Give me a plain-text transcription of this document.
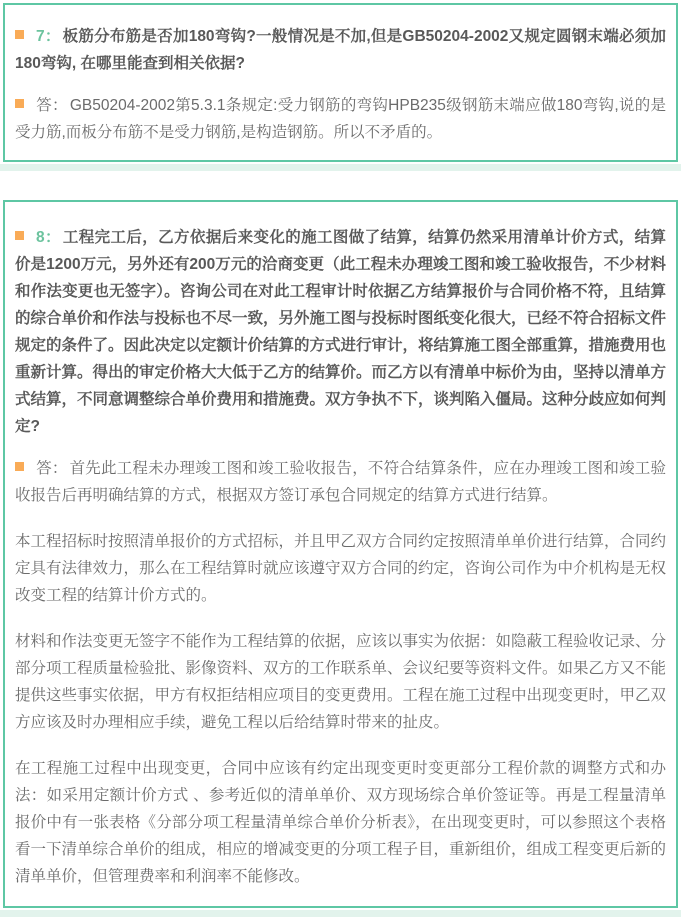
7： 板筋分布筋是否加180弯钩?一般情况是不加,但是GB50204-2002又规定圆钢末端必须加180弯钩, 在哪里能查到相关依据?

答： GB50204-2002第5.3.1条规定:受力钢筋的弯钩HPB235级钢筋末端应做180弯钩,说的是受力筋,而板分布筋不是受力钢筋,是构造钢筋。所以不矛盾的。

8： 工程完工后，乙方依据后来变化的施工图做了结算，结算仍然采用清单计价方式，结算价是1200万元，另外还有200万元的洽商变更（此工程未办理竣工图和竣工验收报告，不少材料和作法变更也无签字）。咨询公司在对此工程审计时依据乙方结算报价与合同价格不符，且结算的综合单价和作法与投标也不尽一致，另外施工图与投标时图纸变化很大，已经不符合招标文件规定的条件了。因此决定以定额计价结算的方式进行审计，将结算施工图全部重算，措施费用也重新计算。得出的审定价格大大低于乙方的结算价。而乙方以有清单中标价为由，坚持以清单方式结算，不同意调整综合单价费用和措施费。双方争执不下，谈判陷入僵局。这种分歧应如何判定?

答： 首先此工程未办理竣工图和竣工验收报告，不符合结算条件，应在办理竣工图和竣工验收报告后再明确结算的方式，根据双方签订承包合同规定的结算方式进行结算。

本工程招标时按照清单报价的方式招标，并且甲乙双方合同约定按照清单单价进行结算，合同约定具有法律效力，那么在工程结算时就应该遵守双方合同的约定，咨询公司作为中介机构是无权改变工程的结算计价方式的。

材料和作法变更无签字不能作为工程结算的依据，应该以事实为依据：如隐蔽工程验收记录、分部分项工程质量检验批、影像资料、双方的工作联系单、会议纪要等资料文件。如果乙方又不能提供这些事实依据，甲方有权拒结相应项目的变更费用。工程在施工过程中出现变更时，甲乙双方应该及时办理相应手续，避免工程以后给结算时带来的扯皮。

在工程施工过程中出现变更，合同中应该有约定出现变更时变更部分工程价款的调整方式和办法：如采用定额计价方式 、参考近似的清单单价、双方现场综合单价签证等。再是工程量清单报价中有一张表格《分部分项工程量清单综合单价分析表》，在出现变更时，可以参照这个表格看一下清单综合单价的组成，相应的增减变更的分项工程子目，重新组价，组成工程变更后新的清单单价，但管理费率和利润率不能修改。
